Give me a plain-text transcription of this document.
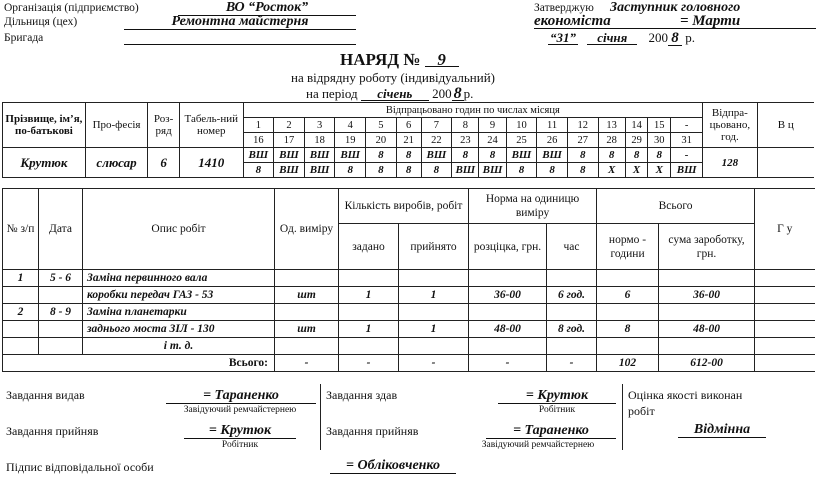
Організація (підприємство)	ВО “Росток”
Дільниця (цех)	Ремонтна майстерня
Бригада
Затверджую Заступник головного
економіста	= Марти
“31” січня 200 8 р.
НАРЯД № 9
на відрядну роботу (індивідуальний)
на період січень 200 8 р.
Прізвище, ім’я, по-батькові	Про-фесія	Роз-ряд	Табель-ний номер	Відпрацьовано годин по числах місяця																Відпра-цьовано, год.	В ц
				1	2	3	4	5	6	7	8	9	10	11	12	13	14	15	-		
				16	17	18	19	20	21	22	23	24	25	26	27	28	29	30	31		
Крутюк	слюсар	6	1410	ВШ	ВШ	ВШ	ВШ	8	8	ВШ	8	8	ВШ	ВШ	8	8	8	8	-	128	
				8	ВШ	ВШ	8	8	8	8	ВШ	ВШ	8	8	8	Х	Х	Х	ВШ		
№ з/п	Дата	Опис робіт	Од. виміру	Кількість виробів, робіт		Норма на одиницю виміру		Всього		Г у
				задано	прийнято	розціцка, грн.	час	нормо - години	сума зароботку, грн.	
1	5 - 6	Заміна первинного вала								
		коробки передач ГАЗ - 53	шт	1	1	36-00	6 год.	6	36-00	
2	8 - 9	Заміна планетарки								
		заднього моста ЗІЛ - 130	шт	1	1	48-00	8 год.	8	48-00	
		і т. д.								
Всього:			-	-	-	-	-	102	612-00	
Завдання видав	= Тараненко
Завідуючий ремчайстернею
Завдання прийняв	= Крутюк
Робітник
Завдання здав	= Крутюк
Робітник
Завдання прийняв	= Тараненко
Завідуючий ремчайстернею
Оцінка якості виконан
робіт
Відмінна
Підпис відповідальної особи	= Обліковченко
